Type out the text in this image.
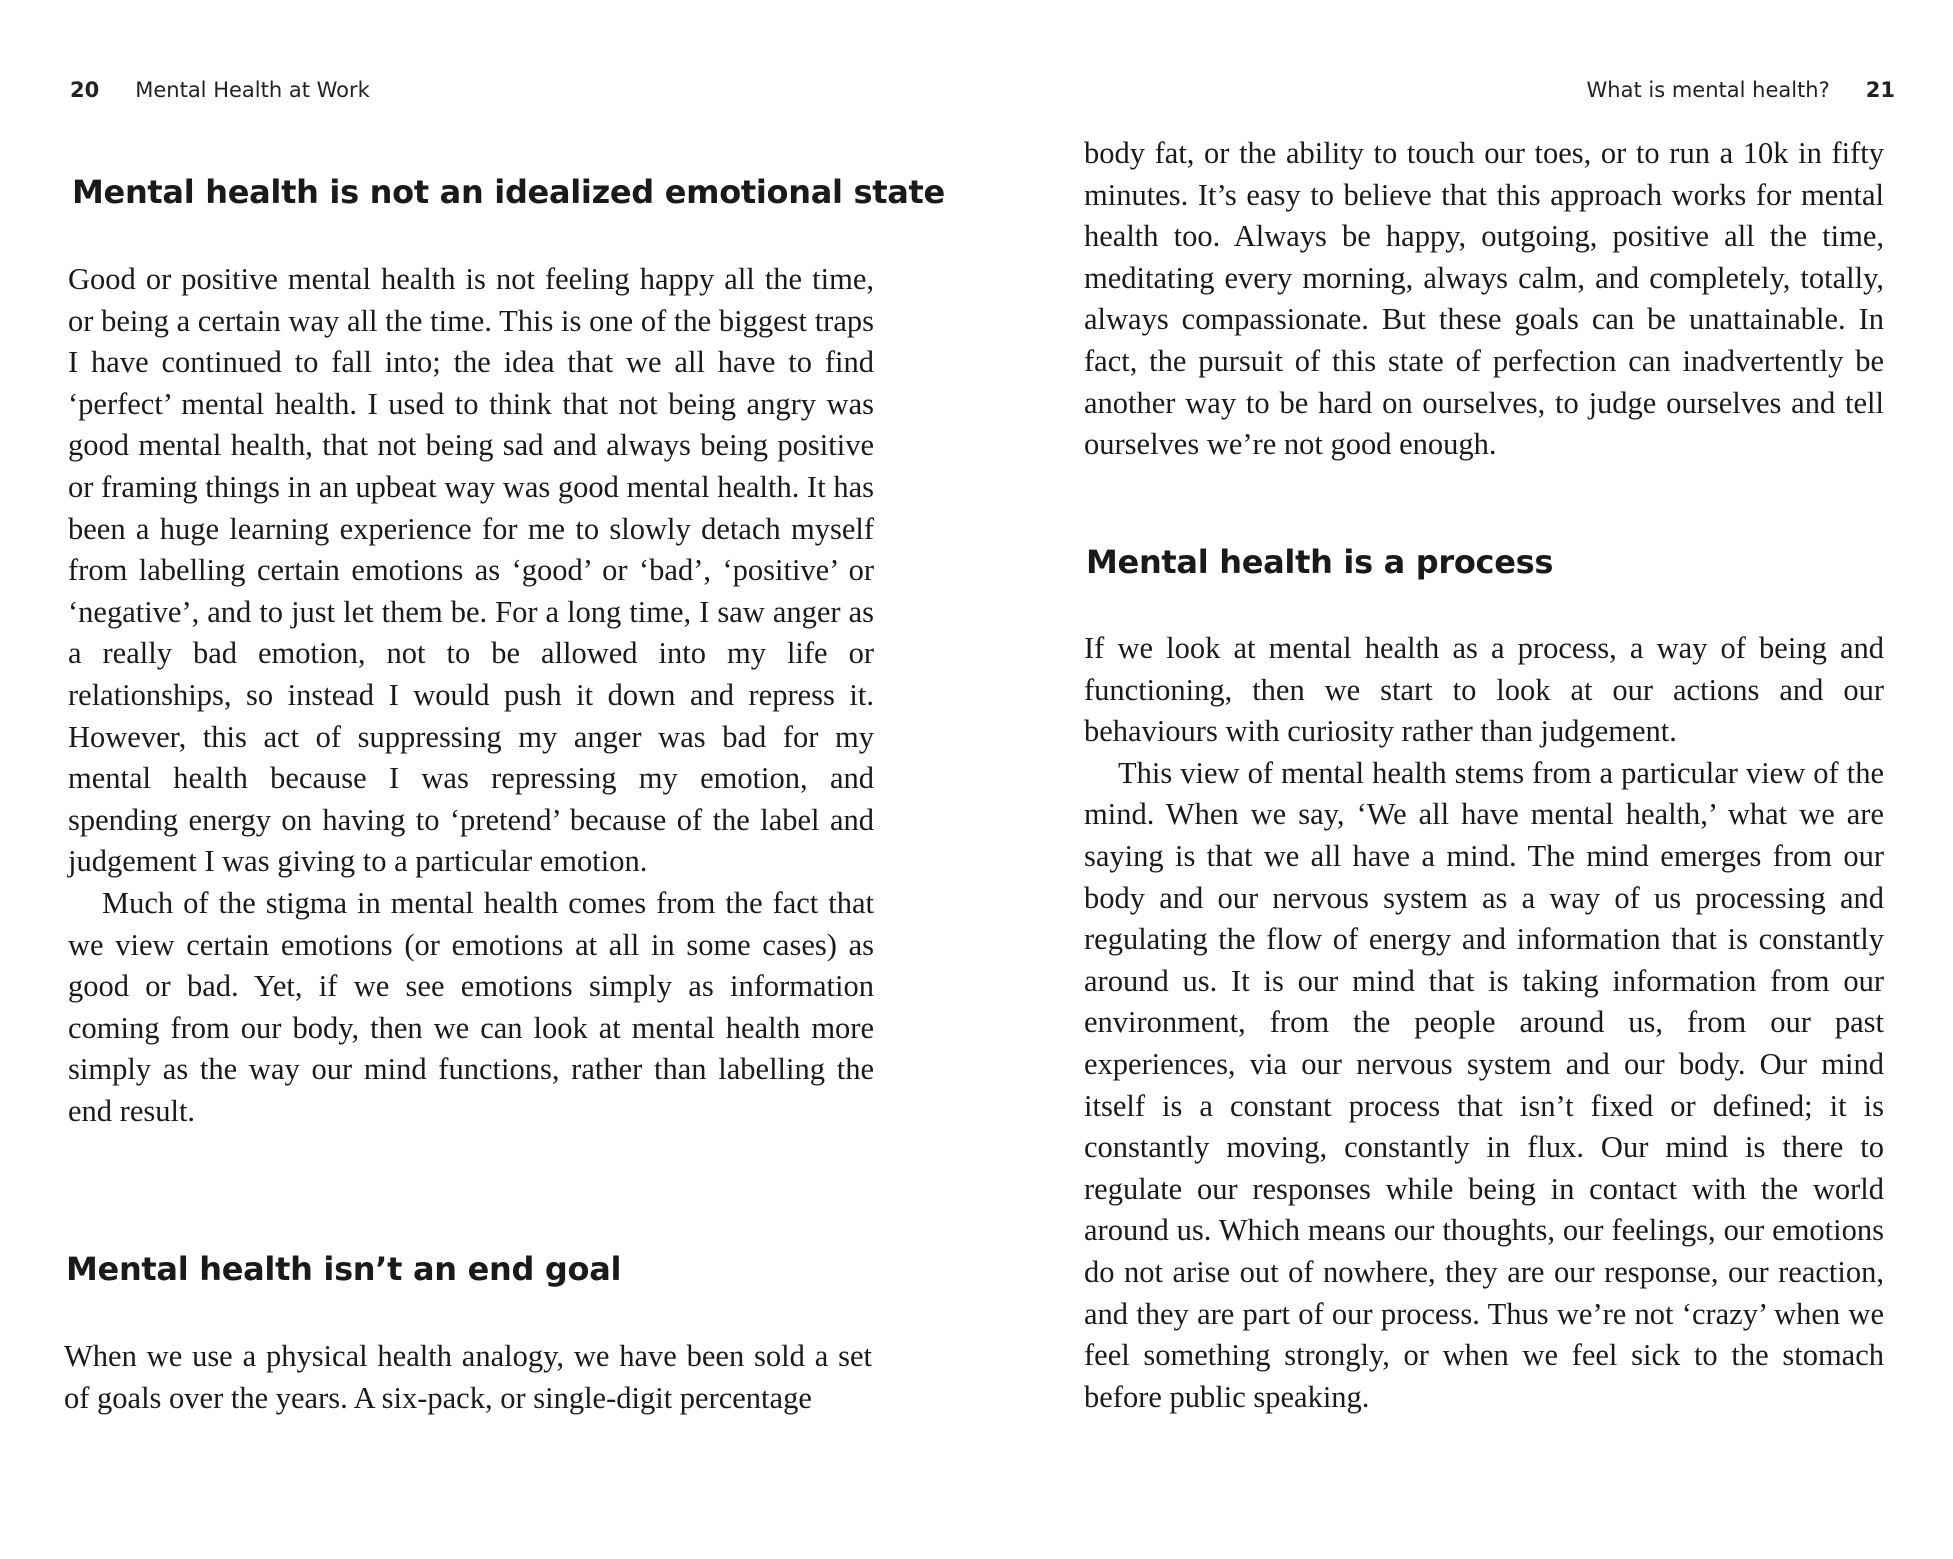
20 Mental Health at Work
Mental health is not an idealized emotional state

Good or positive mental health is not feeling happy all the time, or being a certain way all the time. This is one of the biggest traps I have continued to fall into; the idea that we all have to find ‘perfect’ mental health. I used to think that not being angry was good mental health, that not being sad and always being positive or framing things in an upbeat way was good mental health. It has been a huge learning experience for me to slowly detach myself from labelling certain emotions as ‘good’ or ‘bad’, ‘positive’ or ‘negative’, and to just let them be. For a long time, I saw anger as a really bad emotion, not to be allowed into my life or relationships, so instead I would push it down and repress it. However, this act of suppressing my anger was bad for my mental health because I was repressing my emotion, and spending energy on having to ‘pretend’ because of the label and judgement I was giving to a particular emotion.

Much of the stigma in mental health comes from the fact that we view certain emotions (or emotions at all in some cases) as good or bad. Yet, if we see emotions simply as information coming from our body, then we can look at mental health more simply as the way our mind functions, rather than labelling the end result.

Mental health isn’t an end goal

When we use a physical health analogy, we have been sold a set of goals over the years. A six-pack, or single-digit percentage

What is mental health? 21

body fat, or the ability to touch our toes, or to run a 10k in fifty minutes. It’s easy to believe that this approach works for mental health too. Always be happy, outgoing, positive all the time, meditating every morning, always calm, and completely, totally, always compassionate. But these goals can be unattainable. In fact, the pursuit of this state of perfection can inadvertently be another way to be hard on ourselves, to judge ourselves and tell ourselves we’re not good enough.

Mental health is a process

If we look at mental health as a process, a way of being and functioning, then we start to look at our actions and our behaviours with curiosity rather than judgement.

This view of mental health stems from a particular view of the mind. When we say, ‘We all have mental health,’ what we are saying is that we all have a mind. The mind emerges from our body and our nervous system as a way of us processing and regulating the flow of energy and information that is constantly around us. It is our mind that is taking information from our environment, from the people around us, from our past experiences, via our nervous system and our body. Our mind itself is a constant process that isn’t fixed or defined; it is constantly moving, constantly in flux. Our mind is there to regulate our responses while being in contact with the world around us. Which means our thoughts, our feelings, our emotions do not arise out of nowhere, they are our response, our reaction, and they are part of our process. Thus we’re not ‘crazy’ when we feel something strongly, or when we feel sick to the stomach before public speaking.
